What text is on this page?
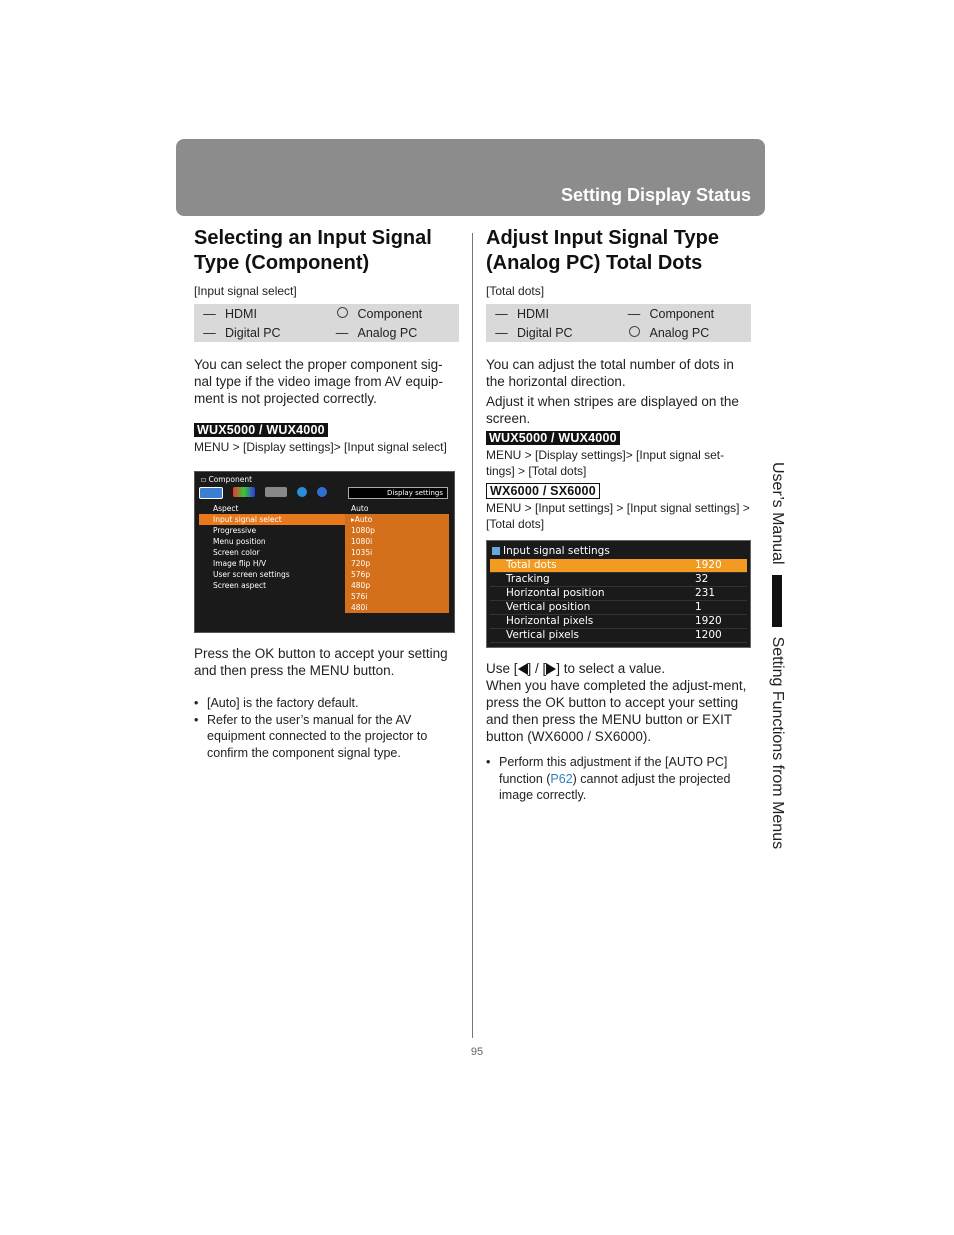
Setting Display Status
Selecting an Input Signal
Type (Component)
[Input signal select]
— HDMI	Component
— Digital PC	— Analog PC

You can select the proper component sig-nal type if the video image from AV equip-ment is not projected correctly.

WUX5000 / WUX4000
MENU > [Display settings]> [Input signal select]
▫ Component
Display settings
Aspect	Auto
Input signal select	▸Auto
Progressive	1080p
Menu position	1080i
Screen color	1035i
Image flip H/V	720p
User screen settings	576p
Screen aspect	480p
576i
480i

Press the OK button to accept your setting and then press the MENU button.

• [Auto] is the factory default.
• Refer to the user’s manual for the AV equipment connected to the projector to confirm the component signal type.
Adjust Input Signal Type
(Analog PC) Total Dots
[Total dots]
— HDMI	— Component
— Digital PC	Analog PC

You can adjust the total number of dots in the horizontal direction.

Adjust it when stripes are displayed on the screen.

WUX5000 / WUX4000
MENU > [Display settings]> [Input signal set-tings] > [Total dots]
WX6000 / SX6000
MENU > [Input settings] > [Input signal settings] > [Total dots]
Input signal settings
Total dots	1920
Tracking	32
Horizontal position	231
Vertical position	1
Horizontal pixels	1920
Vertical pixels	1200

Use [ ] / [ ] to select a value.

When you have completed the adjust-ment, press the OK button to accept your setting and then press the MENU button or EXIT button (WX6000 / SX6000).

• Perform this adjustment if the [AUTO PC] function (P62) cannot adjust the projected image correctly.
User’s Manual
Setting Functions from Menus
95
